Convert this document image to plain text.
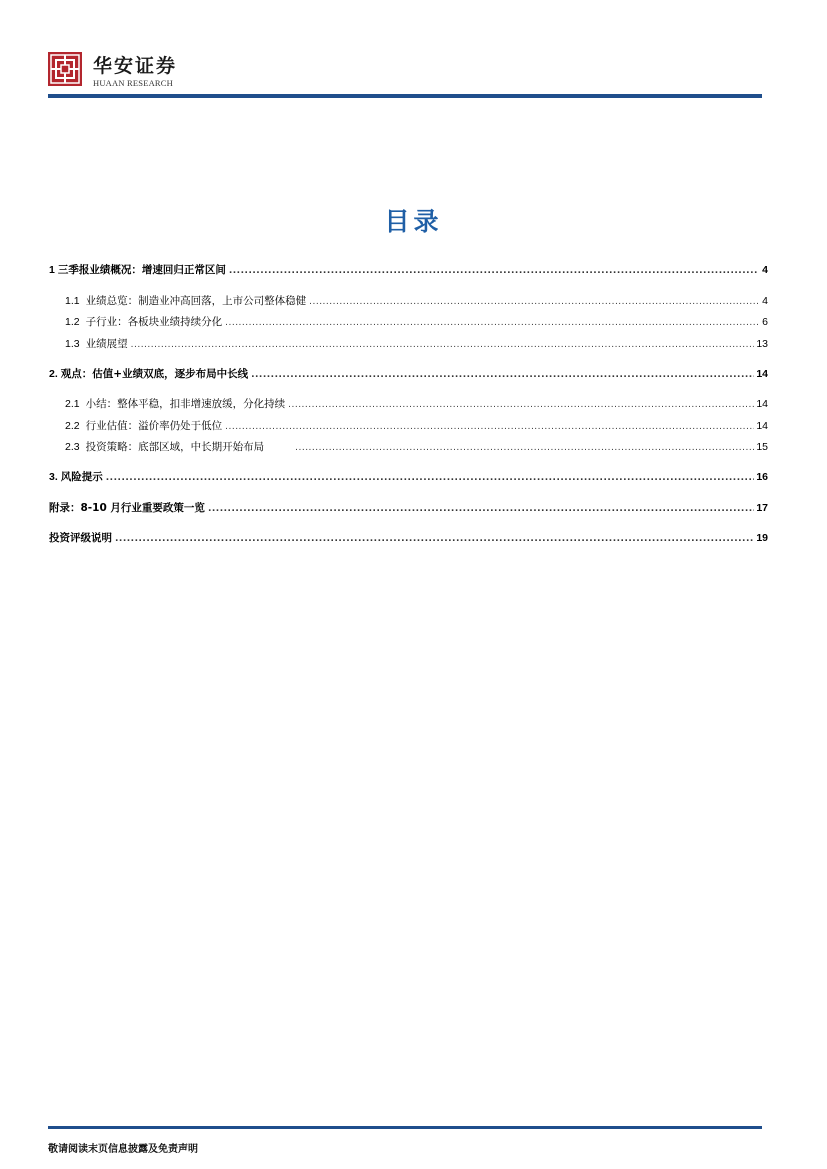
华安证券
HUAAN RESEARCH
目录
1 三季报业绩概况：增速回归正常区间 .....	4
1.1 业绩总览：制造业冲高回落，上市公司整体稳健 .....	4
1.2 子行业：各板块业绩持续分化 .....	6
1.3 业绩展望 .....	13
2. 观点：估值+业绩双底，逐步布局中长线 .....	14
2.1 小结：整体平稳，扣非增速放缓，分化持续 .....	14
2.2 行业估值：溢价率仍处于低位 .....	14
2.3 投资策略：底部区域，中长期开始布局 .....	15
3. 风险提示 .....	16
附录：8-10 月行业重要政策一览 .....	17
投资评级说明 .....	19
敬请阅读末页信息披露及免责声明
